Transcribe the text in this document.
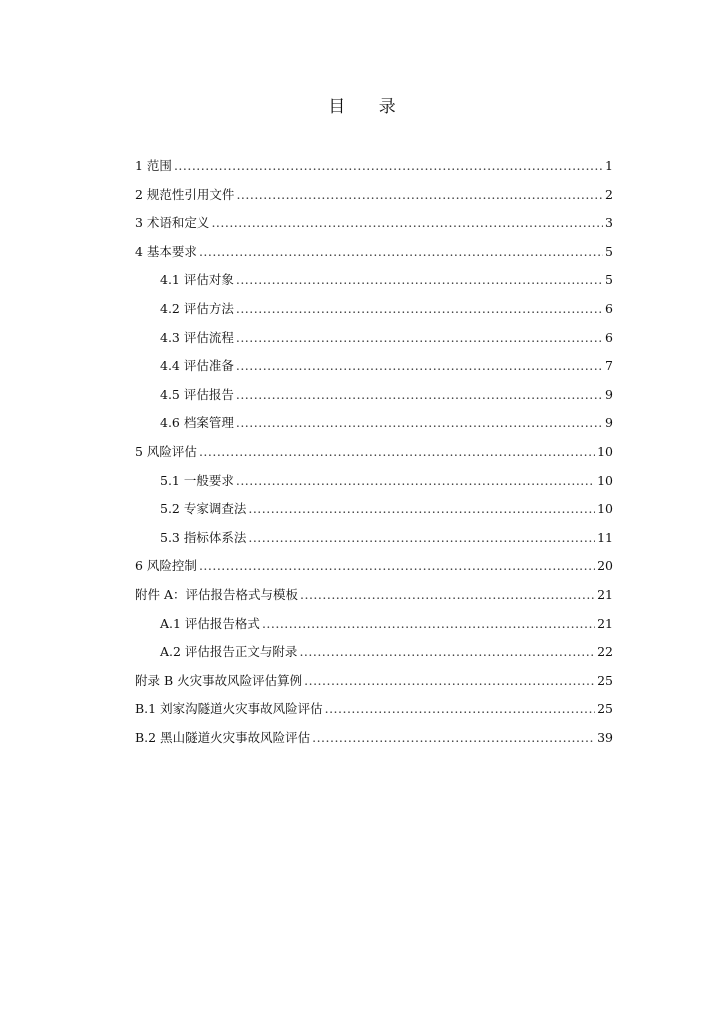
目 录
1 范围 .....	1
2 规范性引用文件 .....	2
3 术语和定义 .....	3
4 基本要求 .....	5
4.1 评估对象 .....	5
4.2 评估方法 .....	6
4.3 评估流程 .....	6
4.4 评估准备 .....	7
4.5 评估报告 .....	9
4.6 档案管理 .....	9
5 风险评估 .....	10
5.1 一般要求 .....	10
5.2 专家调查法 .....	10
5.3 指标体系法 .....	11
6 风险控制 .....	20
附件 A：评估报告格式与模板 .....	21
A.1 评估报告格式 .....	21
A.2 评估报告正文与附录 .....	22
附录 B 火灾事故风险评估算例 .....	25
B.1 刘家沟隧道火灾事故风险评估 .....	25
B.2 黑山隧道火灾事故风险评估 .....	39
